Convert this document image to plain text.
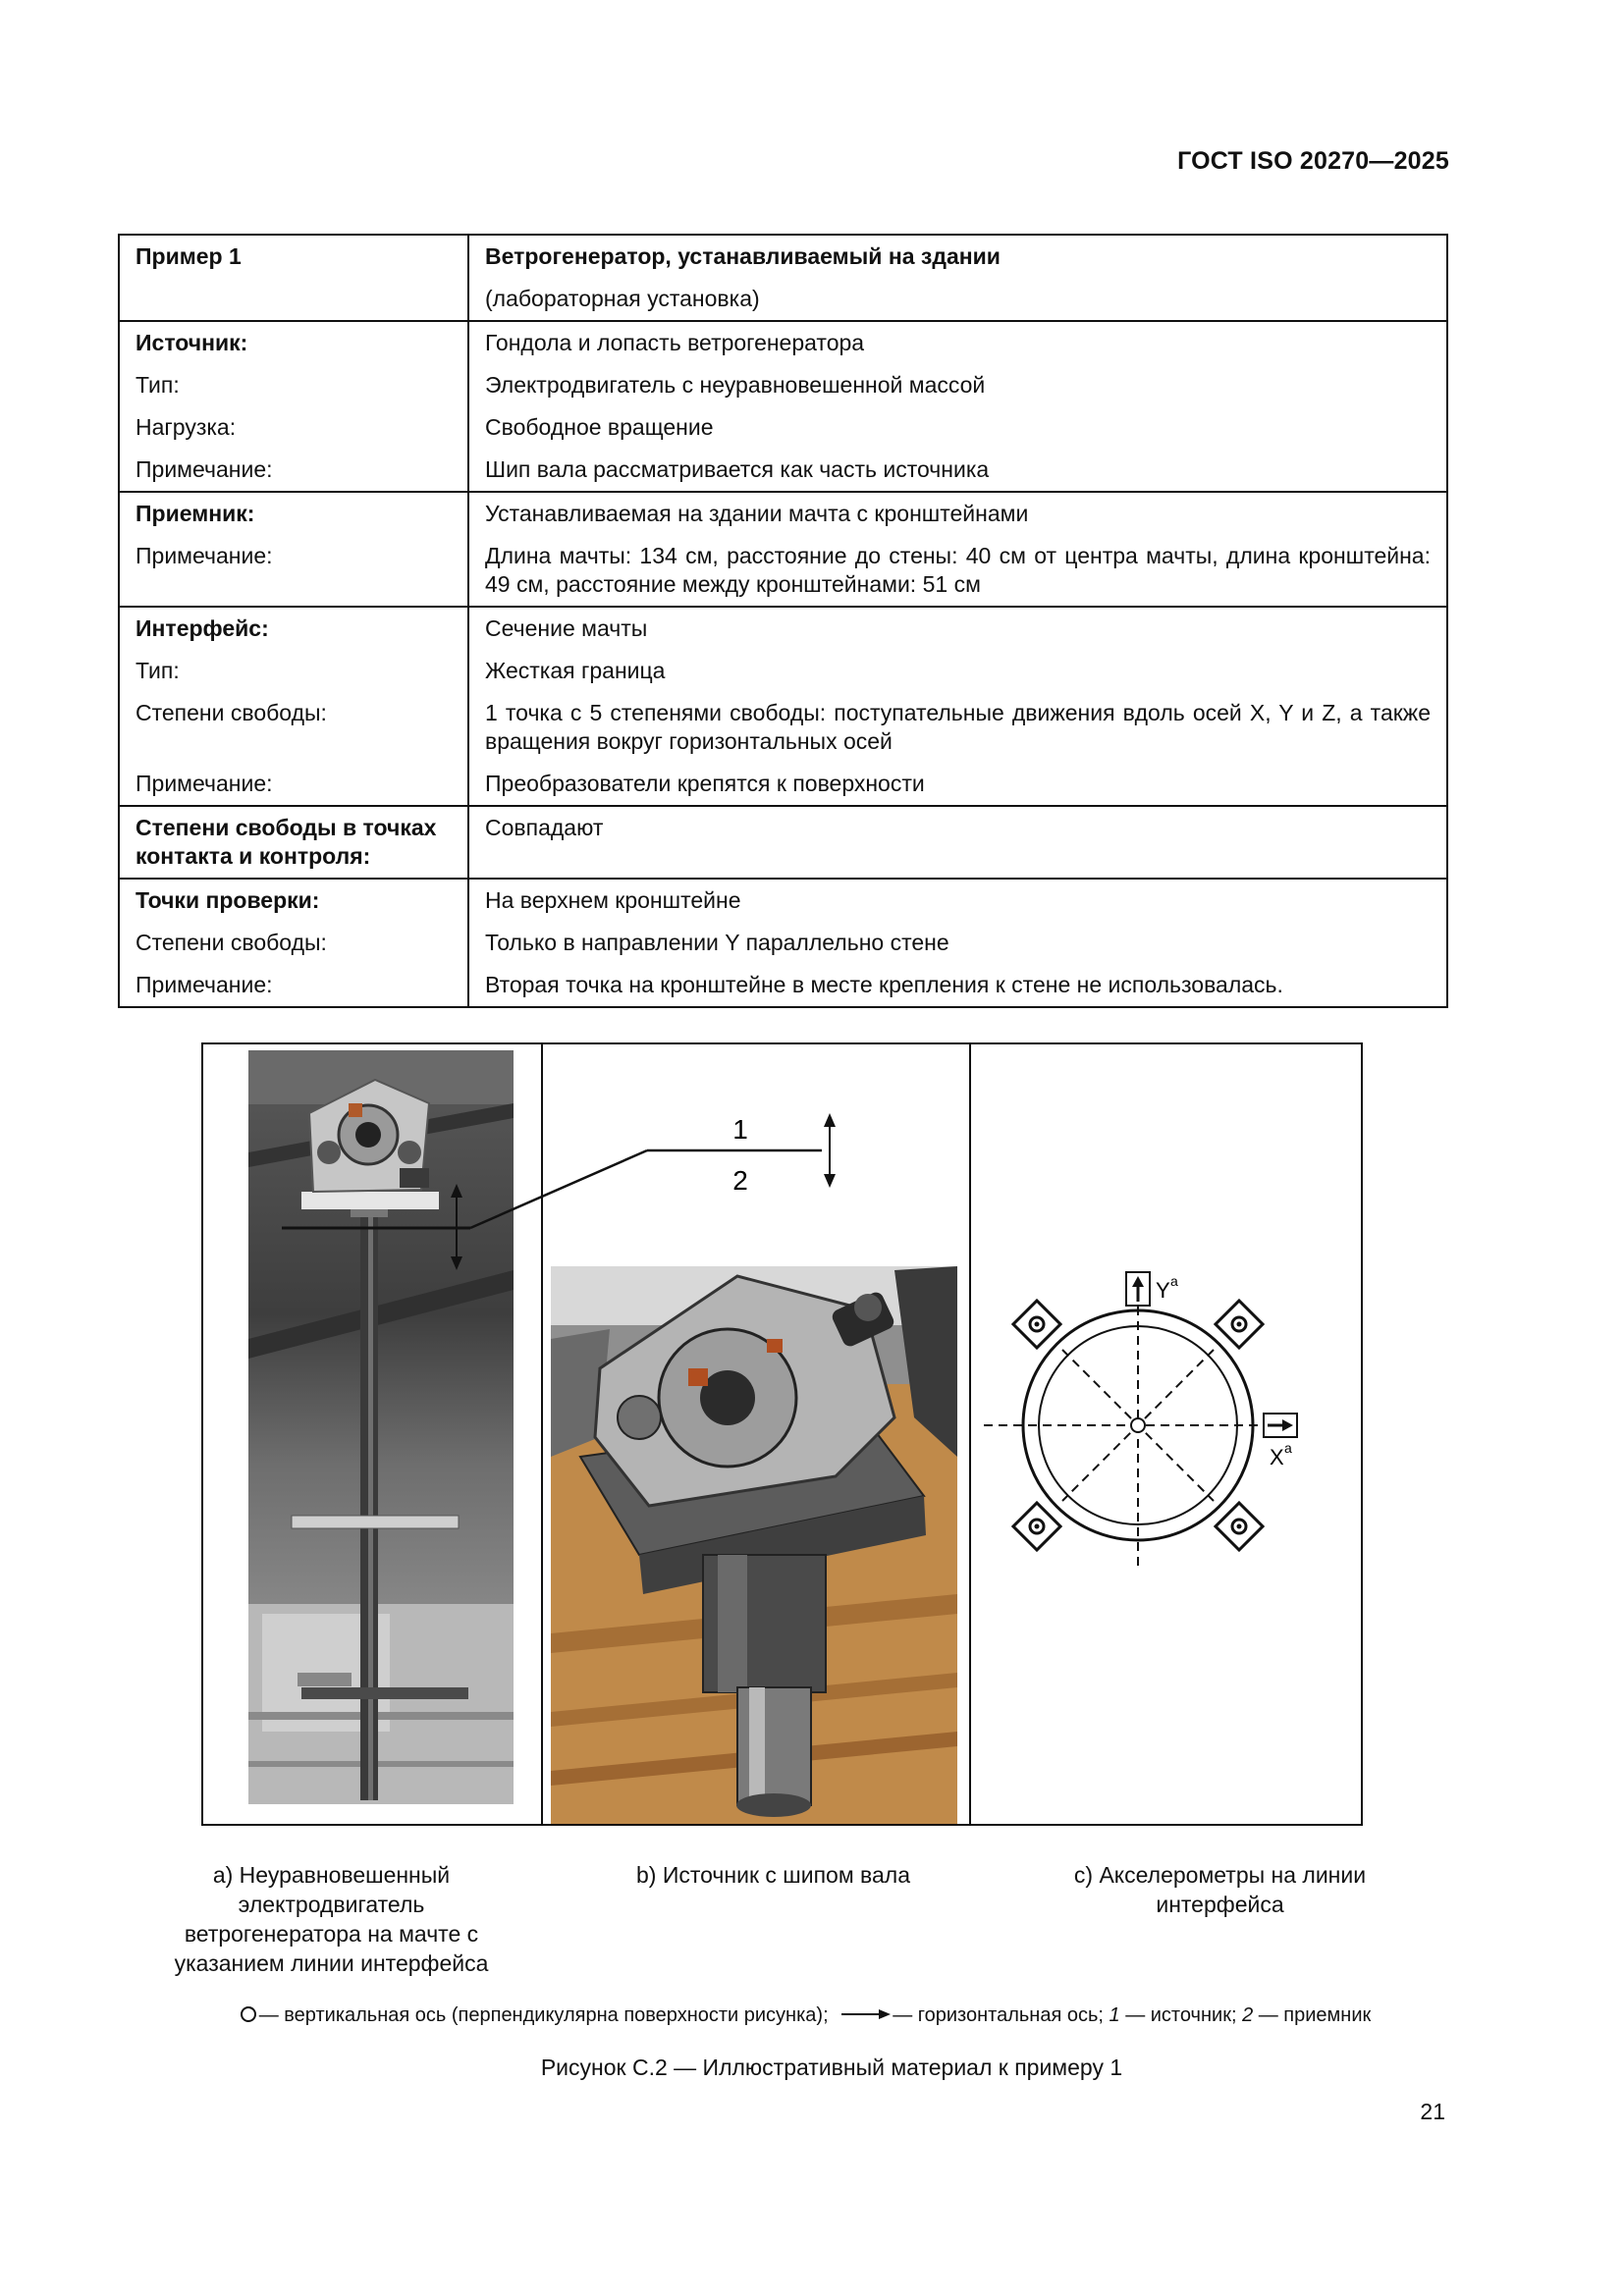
ГОСТ ISO 20270—2025
Пример 1	Ветрогенератор, устанавливаемый на здании
	(лабораторная установка)
Источник:	Гондола и лопасть ветрогенератора
Тип:	Электродвигатель с неуравновешенной массой
Нагрузка:	Свободное вращение
Примечание:	Шип вала рассматривается как часть источника
Приемник:	Устанавливаемая на здании мачта с кронштейнами
Примечание:	Длина мачты: 134 см, расстояние до стены: 40 см от центра мачты, длина кронштейна: 49 см, расстояние между кронштейнами: 51 см
Интерфейс:	Сечение мачты
Тип:	Жесткая граница
Степени свободы:	1 точка с 5 степенями свободы: поступательные движения вдоль осей X, Y и Z, а также вращения вокруг горизонтальных осей
Примечание:	Преобразователи крепятся к поверхности
Степени свободы в точках контакта и контроля:	Совпадают
Точки проверки:	На верхнем кронштейне
Степени свободы:	Только в направлении Y параллельно стене
Примечание:	Вторая точка на кронштейне в месте крепления к стене не использовалась.
Y a
X a
1
2
a) Неуравновешенный электродвигатель ветрогенератора на мачте с указанием линии интерфейса
b) Источник с шипом вала	c) Акселерометры на линии интерфейса
— вертикальная ось (перпендикулярна поверхности рисунка);	— горизонтальная ось; 1 — источник; 2 — приемник
Рисунок С.2 — Иллюстративный материал к примеру 1
21
